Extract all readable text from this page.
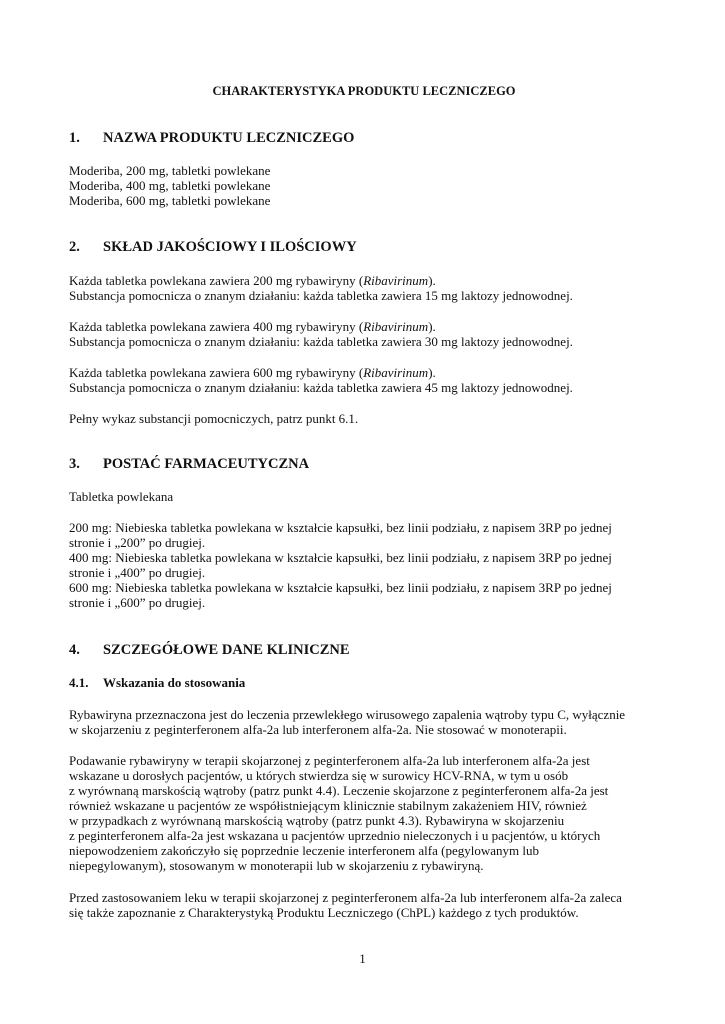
CHARAKTERYSTYKA PRODUKTU LECZNICZEGO
1. NAZWA PRODUKTU LECZNICZEGO
Moderiba, 200 mg, tabletki powlekane
Moderiba, 400 mg, tabletki powlekane
Moderiba, 600 mg, tabletki powlekane
2. SKŁAD JAKOŚCIOWY I ILOŚCIOWY
Każda tabletka powlekana zawiera 200 mg rybawiryny (Ribavirinum).
Substancja pomocnicza o znanym działaniu: każda tabletka zawiera 15 mg laktozy jednowodnej.
Każda tabletka powlekana zawiera 400 mg rybawiryny (Ribavirinum).
Substancja pomocnicza o znanym działaniu: każda tabletka zawiera 30 mg laktozy jednowodnej.
Każda tabletka powlekana zawiera 600 mg rybawiryny (Ribavirinum).
Substancja pomocnicza o znanym działaniu: każda tabletka zawiera 45 mg laktozy jednowodnej.
Pełny wykaz substancji pomocniczych, patrz punkt 6.1.
3. POSTAĆ FARMACEUTYCZNA
Tabletka powlekana
200 mg: Niebieska tabletka powlekana w kształcie kapsułki, bez linii podziału, z napisem 3RP po jednej
stronie i „200” po drugiej.
400 mg: Niebieska tabletka powlekana w kształcie kapsułki, bez linii podziału, z napisem 3RP po jednej
stronie i „400” po drugiej.
600 mg: Niebieska tabletka powlekana w kształcie kapsułki, bez linii podziału, z napisem 3RP po jednej
stronie i „600” po drugiej.
4. SZCZEGÓŁOWE DANE KLINICZNE
4.1. Wskazania do stosowania
Rybawiryna przeznaczona jest do leczenia przewlekłego wirusowego zapalenia wątroby typu C, wyłącznie
w skojarzeniu z peginterferonem alfa-2a lub interferonem alfa-2a. Nie stosować w monoterapii.
Podawanie rybawiryny w terapii skojarzonej z peginterferonem alfa-2a lub interferonem alfa-2a jest
wskazane u dorosłych pacjentów, u których stwierdza się w surowicy HCV-RNA, w tym u osób
z wyrównaną marskością wątroby (patrz punkt 4.4). Leczenie skojarzone z peginterferonem alfa-2a jest
również wskazane u pacjentów ze współistniejącym klinicznie stabilnym zakażeniem HIV, również
w przypadkach z wyrównaną marskością wątroby (patrz punkt 4.3). Rybawiryna w skojarzeniu
z peginterferonem alfa-2a jest wskazana u pacjentów uprzednio nieleczonych i u pacjentów, u których
niepowodzeniem zakończyło się poprzednie leczenie interferonem alfa (pegylowanym lub
niepegylowanym), stosowanym w monoterapii lub w skojarzeniu z rybawiryną.
Przed zastosowaniem leku w terapii skojarzonej z peginterferonem alfa-2a lub interferonem alfa-2a zaleca
się także zapoznanie z Charakterystyką Produktu Leczniczego (ChPL) każdego z tych produktów.
1
